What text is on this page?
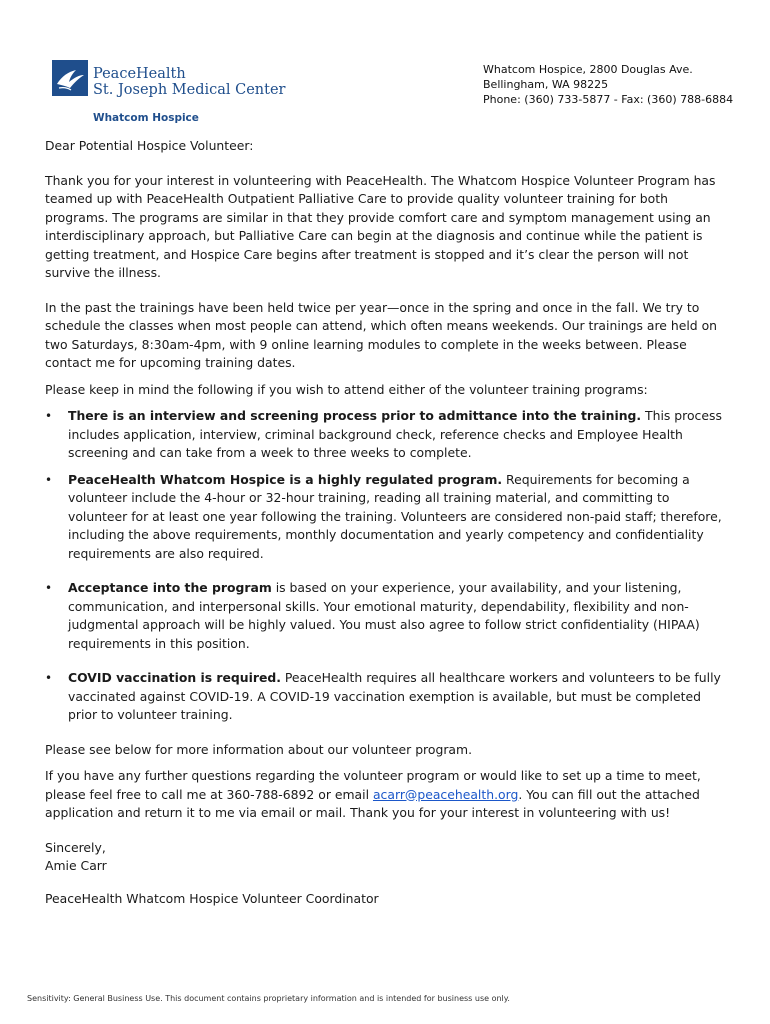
PeaceHealth
St. Joseph Medical Center
Whatcom Hospice
Whatcom Hospice, 2800 Douglas Ave.
Bellingham, WA 98225
Phone: (360) 733-5877 - Fax: (360) 788-6884

Dear Potential Hospice Volunteer:

Thank you for your interest in volunteering with PeaceHealth. The Whatcom Hospice Volunteer Program has teamed up with PeaceHealth Outpatient Palliative Care to provide quality volunteer training for both programs. The programs are similar in that they provide comfort care and symptom management using an interdisciplinary approach, but Palliative Care can begin at the diagnosis and continue while the patient is getting treatment, and Hospice Care begins after treatment is stopped and it’s clear the person will not survive the illness.

In the past the trainings have been held twice per year—once in the spring and once in the fall. We try to schedule the classes when most people can attend, which often means weekends. Our trainings are held on two Saturdays, 8:30am-4pm, with 9 online learning modules to complete in the weeks between. Please contact me for upcoming training dates.

Please keep in mind the following if you wish to attend either of the volunteer training programs:

• There is an interview and screening process prior to admittance into the training. This process includes application, interview, criminal background check, reference checks and Employee Health screening and can take from a week to three weeks to complete.
• PeaceHealth Whatcom Hospice is a highly regulated program. Requirements for becoming a volunteer include the 4-hour or 32-hour training, reading all training material, and committing to volunteer for at least one year following the training. Volunteers are considered non-paid staff; therefore, including the above requirements, monthly documentation and yearly competency and confidentiality requirements are also required.
• Acceptance into the program is based on your experience, your availability, and your listening, communication, and interpersonal skills. Your emotional maturity, dependability, flexibility and non-judgmental approach will be highly valued. You must also agree to follow strict confidentiality (HIPAA) requirements in this position.
• COVID vaccination is required. PeaceHealth requires all healthcare workers and volunteers to be fully vaccinated against COVID-19. A COVID-19 vaccination exemption is available, but must be completed prior to volunteer training.

Please see below for more information about our volunteer program.

If you have any further questions regarding the volunteer program or would like to set up a time to meet, please feel free to call me at 360-788-6892 or email acarr@peacehealth.org. You can fill out the attached application and return it to me via email or mail. Thank you for your interest in volunteering with us!

Sincerely,

Amie Carr

PeaceHealth Whatcom Hospice Volunteer Coordinator

Sensitivity: General Business Use. This document contains proprietary information and is intended for business use only.
